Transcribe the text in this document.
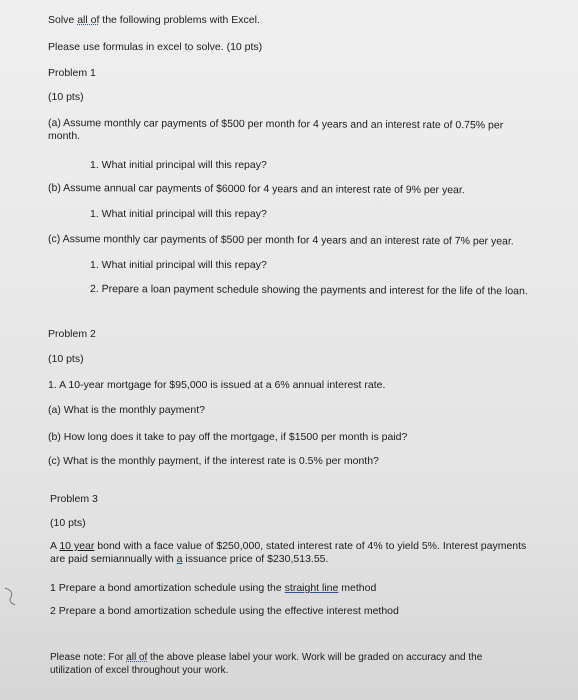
Solve all of the following problems with Excel.
Please use formulas in excel to solve. (10 pts)
Problem 1
(10 pts)
(a) Assume monthly car payments of $500 per month for 4 years and an interest rate of 0.75% per
month.
1. What initial principal will this repay?
(b) Assume annual car payments of $6000 for 4 years and an interest rate of 9% per year.
1. What initial principal will this repay?
(c) Assume monthly car payments of $500 per month for 4 years and an interest rate of 7% per year.
1. What initial principal will this repay?
2. Prepare a loan payment schedule showing the payments and interest for the life of the loan.
Problem 2
(10 pts)
1. A 10-year mortgage for $95,000 is issued at a 6% annual interest rate.
(a) What is the monthly payment?
(b) How long does it take to pay off the mortgage, if $1500 per month is paid?
(c) What is the monthly payment, if the interest rate is 0.5% per month?
Problem 3
(10 pts)
A 10 year bond with a face value of $250,000, stated interest rate of 4% to yield 5%. Interest payments
are paid semiannually with a issuance price of $230,513.55.
1 Prepare a bond amortization schedule using the straight line method
2 Prepare a bond amortization schedule using the effective interest method
Please note: For all of the above please label your work. Work will be graded on accuracy and the
utilization of excel throughout your work.
